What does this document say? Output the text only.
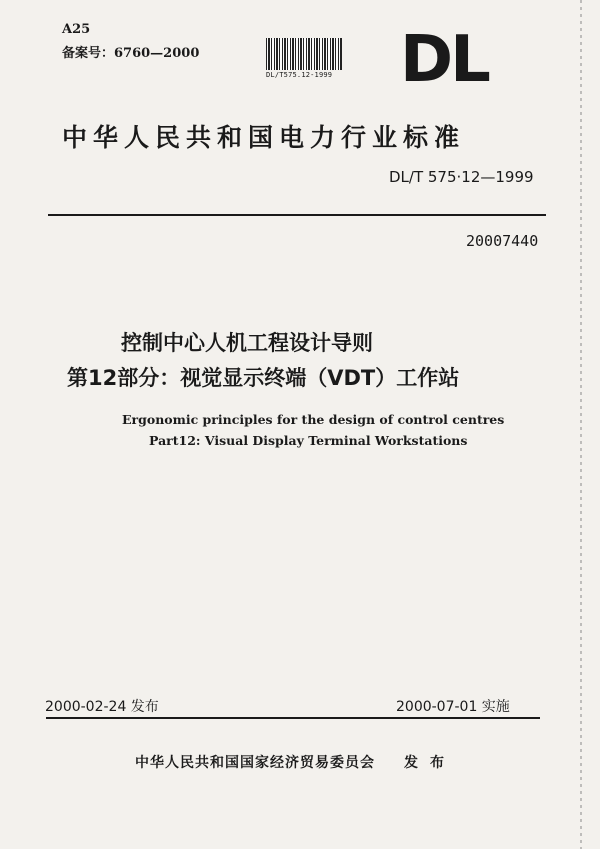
A25
备案号：6760—2000
DL/T575.12-1999 DL
中华人民共和国电力行业标准
DL/T 575·12—1999
20007440
控制中心人机工程设计导则
第12部分：视觉显示终端（VDT）工作站
Ergonomic principles for the design of control centres
Part12: Visual Display Terminal Workstations
2000-02-24 发布	2000-07-01 实施
中华人民共和国国家经济贸易委员会 发布
